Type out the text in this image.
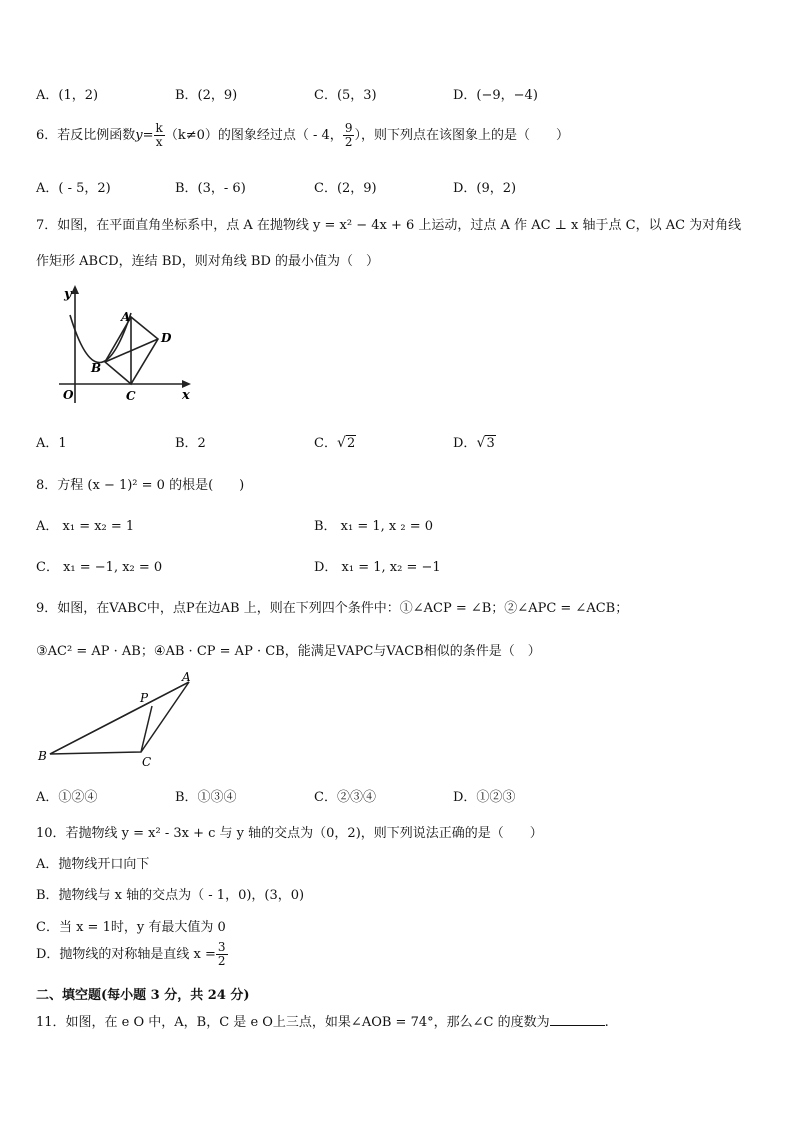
A．(1，2)	B．(2，9)	C．(5，3)	D．(−9，−4)
6．若反比例函数$y= \frac{k}{x} (k\ne 0)$的图象经过点（ - 4， $\frac{9}{2}$ ），则下列点在该图象上的是（　　）
A．( - 5，2)	B．(3，- 6)	C．(2，9)	D．(9，2)
7．如图，在平面直角坐标系中，点 A 在抛物线 y = x² − 4x + 6 上运动，过点 A 作 AC ⊥ x 轴于点 C，以 AC 为对角线
作矩形 ABCD，连结 BD，则对角线 BD 的最小值为（　）
y
x
O
A
B
C
D
A．1	B．2	C． √ 2	D． √ 3
8．方程 (x − 1)² = 0 的根是(　　)
A． x₁ = x₂ = 1	B． x₁ = 1, x ₂ = 0
C． x₁ = −1, x₂ = 0	D． x₁ = 1, x₂ = −1
9．如图，在VABC中，点P在边AB 上，则在下列四个条件中：①∠ACP = ∠B；②∠APC = ∠ACB；
③AC² = AP · AB；④AB · CP = AP · CB，能满足VAPC与VACB相似的条件是（　）
A
B	C
P
A．①②④	B．①③④	C．②③④	D．①②③
10．若抛物线 y = x² - 3x + c 与 y 轴的交点为（0，2)，则下列说法正确的是（　　）
A．抛物线开口向下
B．抛物线与 x 轴的交点为（ - 1，0)，(3，0)
C．当 x = 1时，y 有最大值为 0
D．抛物线的对称轴是直线 $x = \frac{3}{2}$
二、填空题(每小题 3 分，共 24 分)
11．如图，在 e O 中，A，B，C 是 e O上三点，如果∠AOB = 74°，那么∠C 的度数为	.
